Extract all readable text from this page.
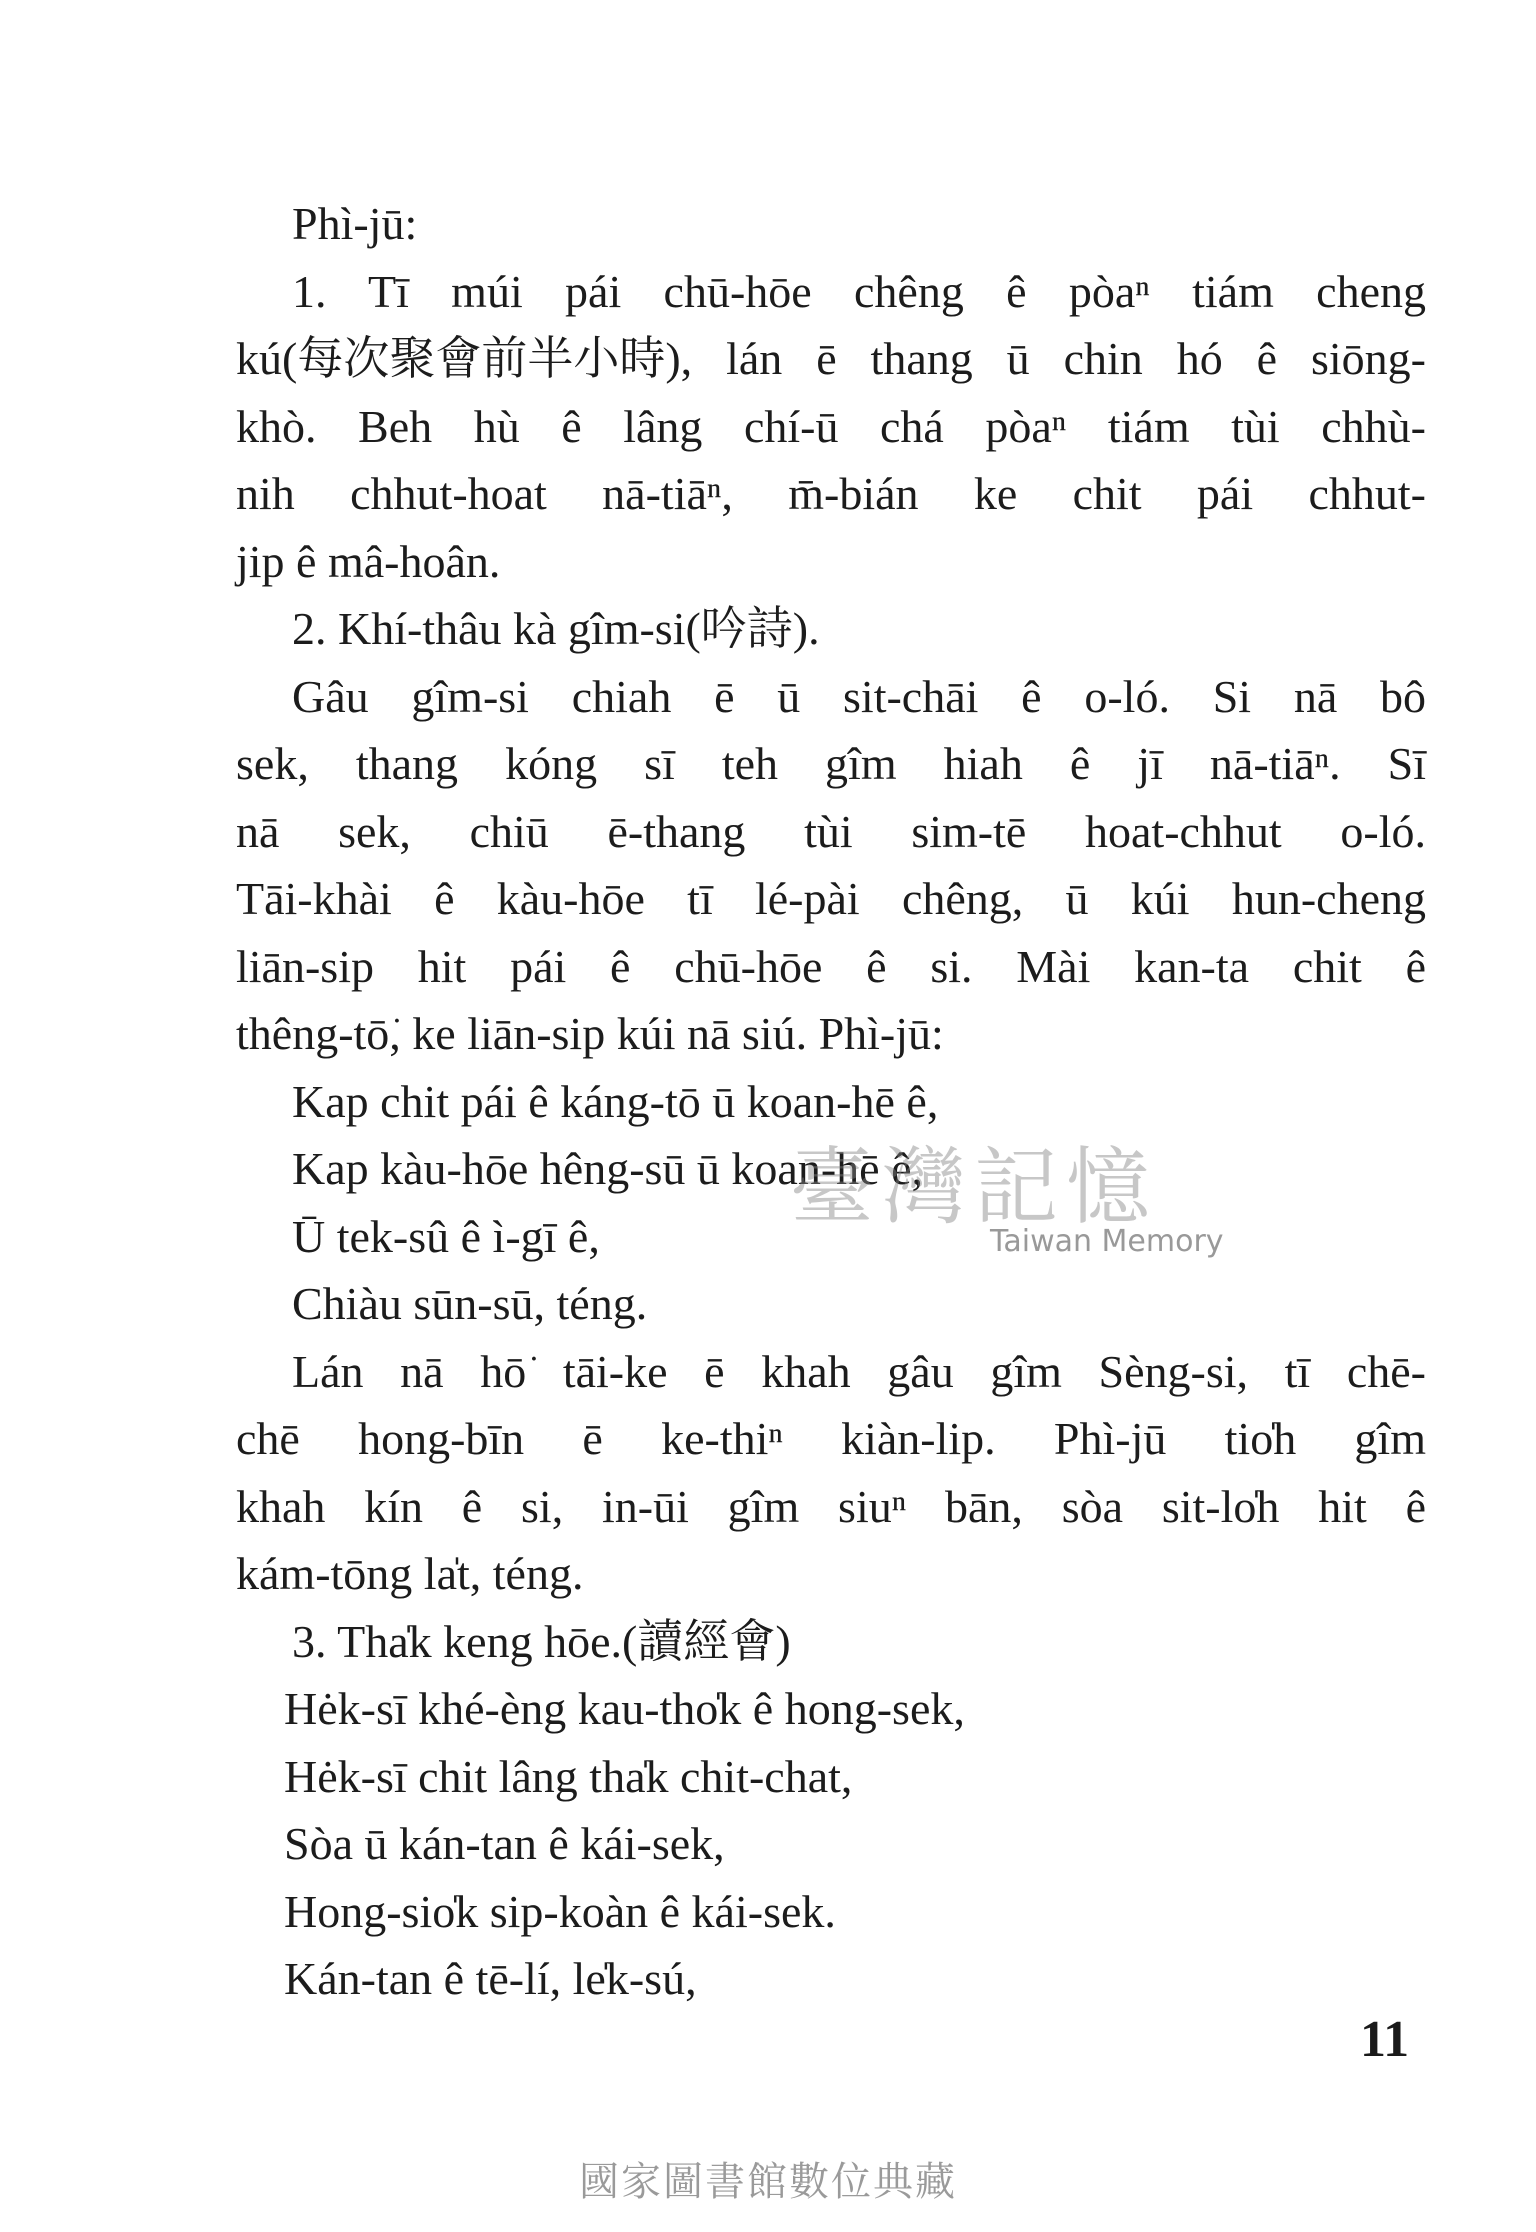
Phì-jū:
1. Tī múi pái chū-hōe chêng ê pòaⁿ tiám cheng
kú(每次聚會前半小時), lán ē thang ū chin hó ê siōng-
khò. Beh hù ê lâng chí-ū chá pòaⁿ tiám tùi chhù-
nih chhut-hoat nā-tiāⁿ, m̄-bián ke chit pái chhut-
jip ê mâ-hoân.
2. Khí-thâu kà gîm-si(吟詩).
Gâu gîm-si chiah ē ū sit-chāi ê o-ló. Si nā bô
sek, thang kóng sī teh gîm hiah ê jī nā-tiāⁿ. Sī
nā sek, chiū ē-thang tùi sim-tē hoat-chhut o-ló.
Tāi-khài ê kàu-hōe tī lé-pài chêng, ū kúi hun-cheng
liān-sip hit pái ê chū-hōe ê si. Mài kan-ta chit ê
thêng-tō͘, ke liān-sip kúi nā siú. Phì-jū:
Kap chit pái ê káng-tō ū koan-hē ê,
Kap kàu-hōe hêng-sū ū koan-hē ê,
Ū tek-sû ê ì-gī ê,
Chiàu sūn-sū, téng.
Lán nā hō͘ tāi-ke ē khah gâu gîm Sèng-si, tī chē-
chē hong-bīn ē ke-thiⁿ kiàn-lip. Phì-jū tio̍h gîm
khah kín ê si, in-ūi gîm siuⁿ bān, sòa sit-lo̍h hit ê
kám-tōng la̍t, téng.
3. Tha̍k keng hōe.(讀經會)
Hėk-sī khé-èng kau-tho̍k ê hong-sek,
Hėk-sī chit lâng tha̍k chit-chat,
Sòa ū kán-tan ê kái-sek,
Hong-sio̍k sip-koàn ê kái-sek.
Kán-tan ê tē-lí, le̍k-sú,
臺灣記憶
Taiwan Memory
11
國家圖書館數位典藏
